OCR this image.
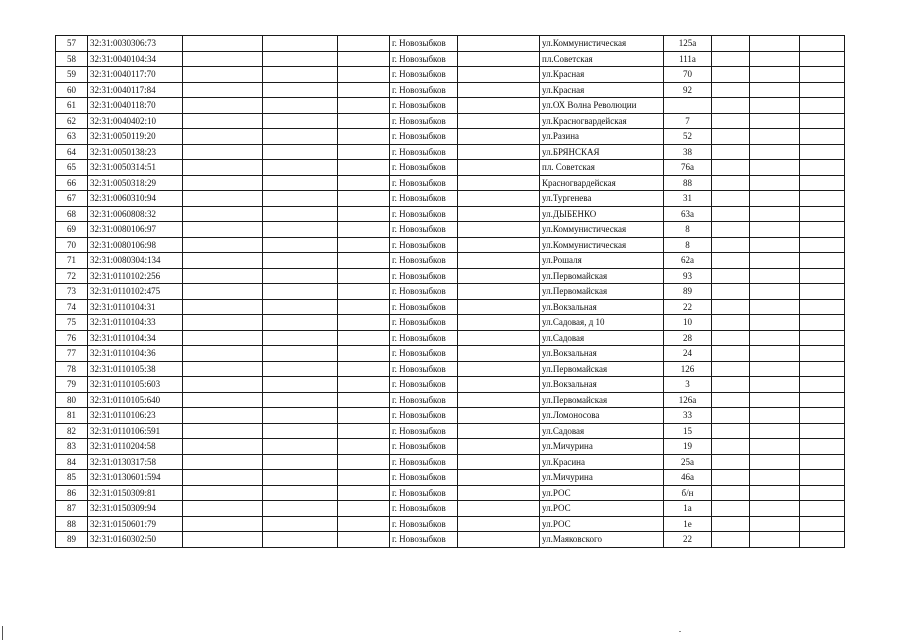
57	32:31:0030306:73				г. Новозыбков		ул.Коммунистическая	125а			
58	32:31:0040104:34				г. Новозыбков		пл.Советская	111а			
59	32:31:0040117:70				г. Новозыбков		ул.Красная	70			
60	32:31:0040117:84				г. Новозыбков		ул.Красная	92			
61	32:31:0040118:70				г. Новозыбков		ул.ОХ Волна Революции				
62	32:31:0040402:10				г. Новозыбков		ул.Красногвардейская	7			
63	32:31:0050119:20				г. Новозыбков		ул.Разина	52			
64	32:31:0050138:23				г. Новозыбков		ул.БРЯНСКАЯ	38			
65	32:31:0050314:51				г. Новозыбков		пл. Советская	76а			
66	32:31:0050318:29				г. Новозыбков		Красногвардейская	88			
67	32:31:0060310:94				г. Новозыбков		ул.Тургенева	31			
68	32:31:0060808:32				г. Новозыбков		ул.ДЫБЕНКО	63а			
69	32:31:0080106:97				г. Новозыбков		ул.Коммунистическая	8			
70	32:31:0080106:98				г. Новозыбков		ул.Коммунистическая	8			
71	32:31:0080304:134				г. Новозыбков		ул.Рошаля	62а			
72	32:31:0110102:256				г. Новозыбков		ул.Первомайская	93			
73	32:31:0110102:475				г. Новозыбков		ул.Первомайская	89			
74	32:31:0110104:31				г. Новозыбков		ул.Вокзальная	22			
75	32:31:0110104:33				г. Новозыбков		ул.Садовая, д 10	10			
76	32:31:0110104:34				г. Новозыбков		ул.Садовая	28			
77	32:31:0110104:36				г. Новозыбков		ул.Вокзальная	24			
78	32:31:0110105:38				г. Новозыбков		ул.Первомайская	126			
79	32:31:0110105:603				г. Новозыбков		ул.Вокзальная	3			
80	32:31:0110105:640				г. Новозыбков		ул.Первомайская	126а			
81	32:31:0110106:23				г. Новозыбков		ул.Ломоносова	33			
82	32:31:0110106:591				г. Новозыбков		ул.Садовая	15			
83	32:31:0110204:58				г. Новозыбков		ул.Мичурина	19			
84	32:31:0130317:58				г. Новозыбков		ул.Красина	25а			
85	32:31:0130601:594				г. Новозыбков		ул.Мичурина	46а			
86	32:31:0150309:81				г. Новозыбков		ул.РОС	б/н			
87	32:31:0150309:94				г. Новозыбков		ул.РОС	1а			
88	32:31:0150601:79				г. Новозыбков		ул.РОС	1е			
89	32:31:0160302:50				г. Новозыбков		ул.Маяковского	22			
